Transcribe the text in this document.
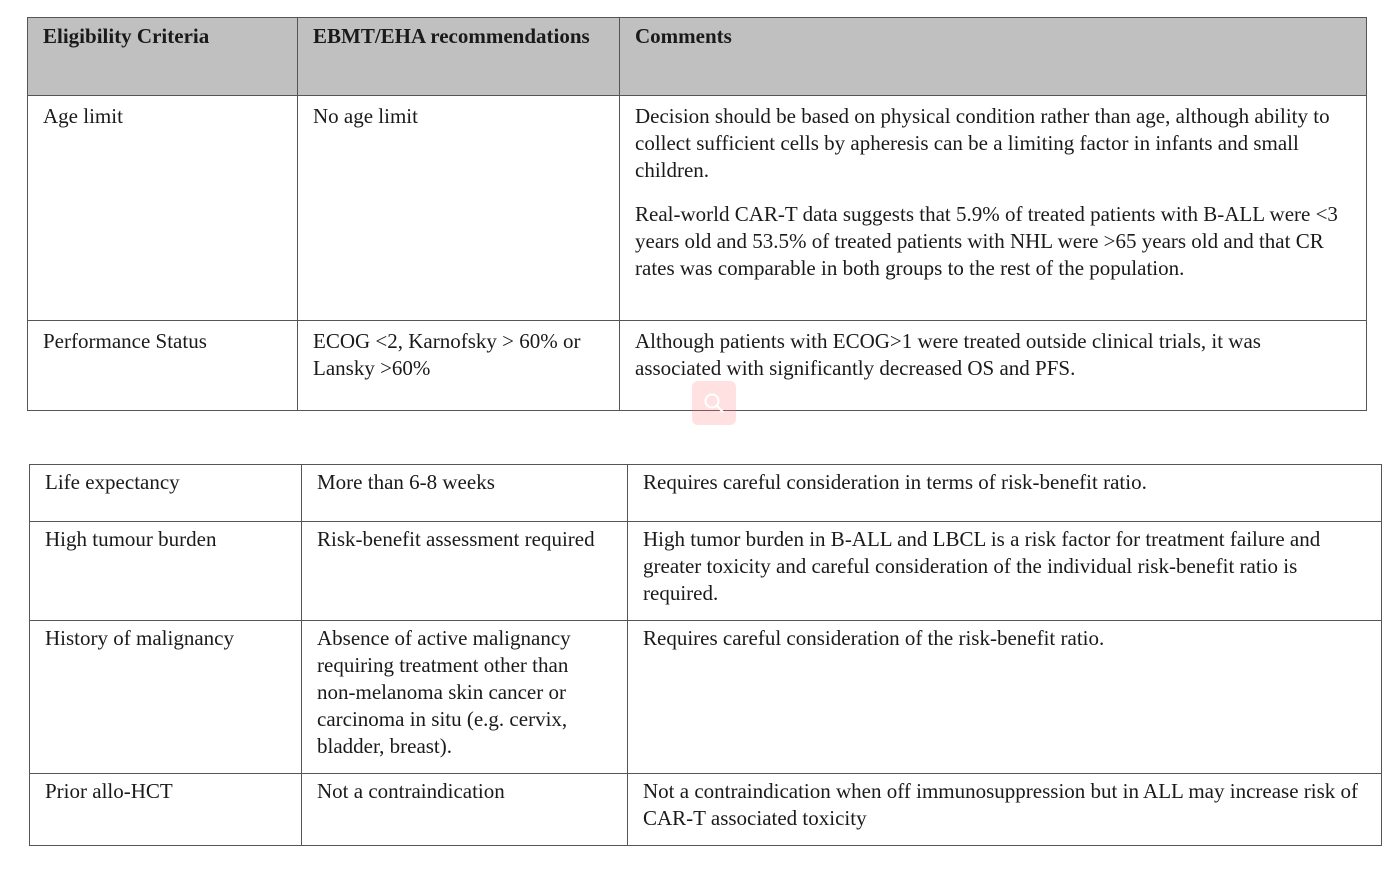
Eligibility Criteria	EBMT/EHA recommendations	Comments
Age limit	No age limit	Decision should be based on physical condition rather than age, although ability to collect sufficient cells by apheresis can be a limiting factor in infants and small children.

Real-world CAR-T data suggests that 5.9% of treated patients with B-ALL were <3 years old and 53.5% of treated patients with NHL were >65 years old and that CR rates was comparable in both groups to the rest of the population.

Performance Status	ECOG <2, Karnofsky > 60% or Lansky >60%	Although patients with ECOG>1 were treated outside clinical trials, it was associated with significantly decreased OS and PFS.

Life expectancy	More than 6-8 weeks	Requires careful consideration in terms of risk-benefit ratio.
High tumour burden	Risk-benefit assessment required	High tumor burden in B-ALL and LBCL is a risk factor for treatment failure and greater toxicity and careful consideration of the individual risk-benefit ratio is required.
History of malignancy	Absence of active malignancy requiring treatment other than non-melanoma skin cancer or carcinoma in situ (e.g. cervix, bladder, breast).	Requires careful consideration of the risk-benefit ratio.
Prior allo-HCT	Not a contraindication	Not a contraindication when off immunosuppression but in ALL may increase risk of CAR-T associated toxicity
